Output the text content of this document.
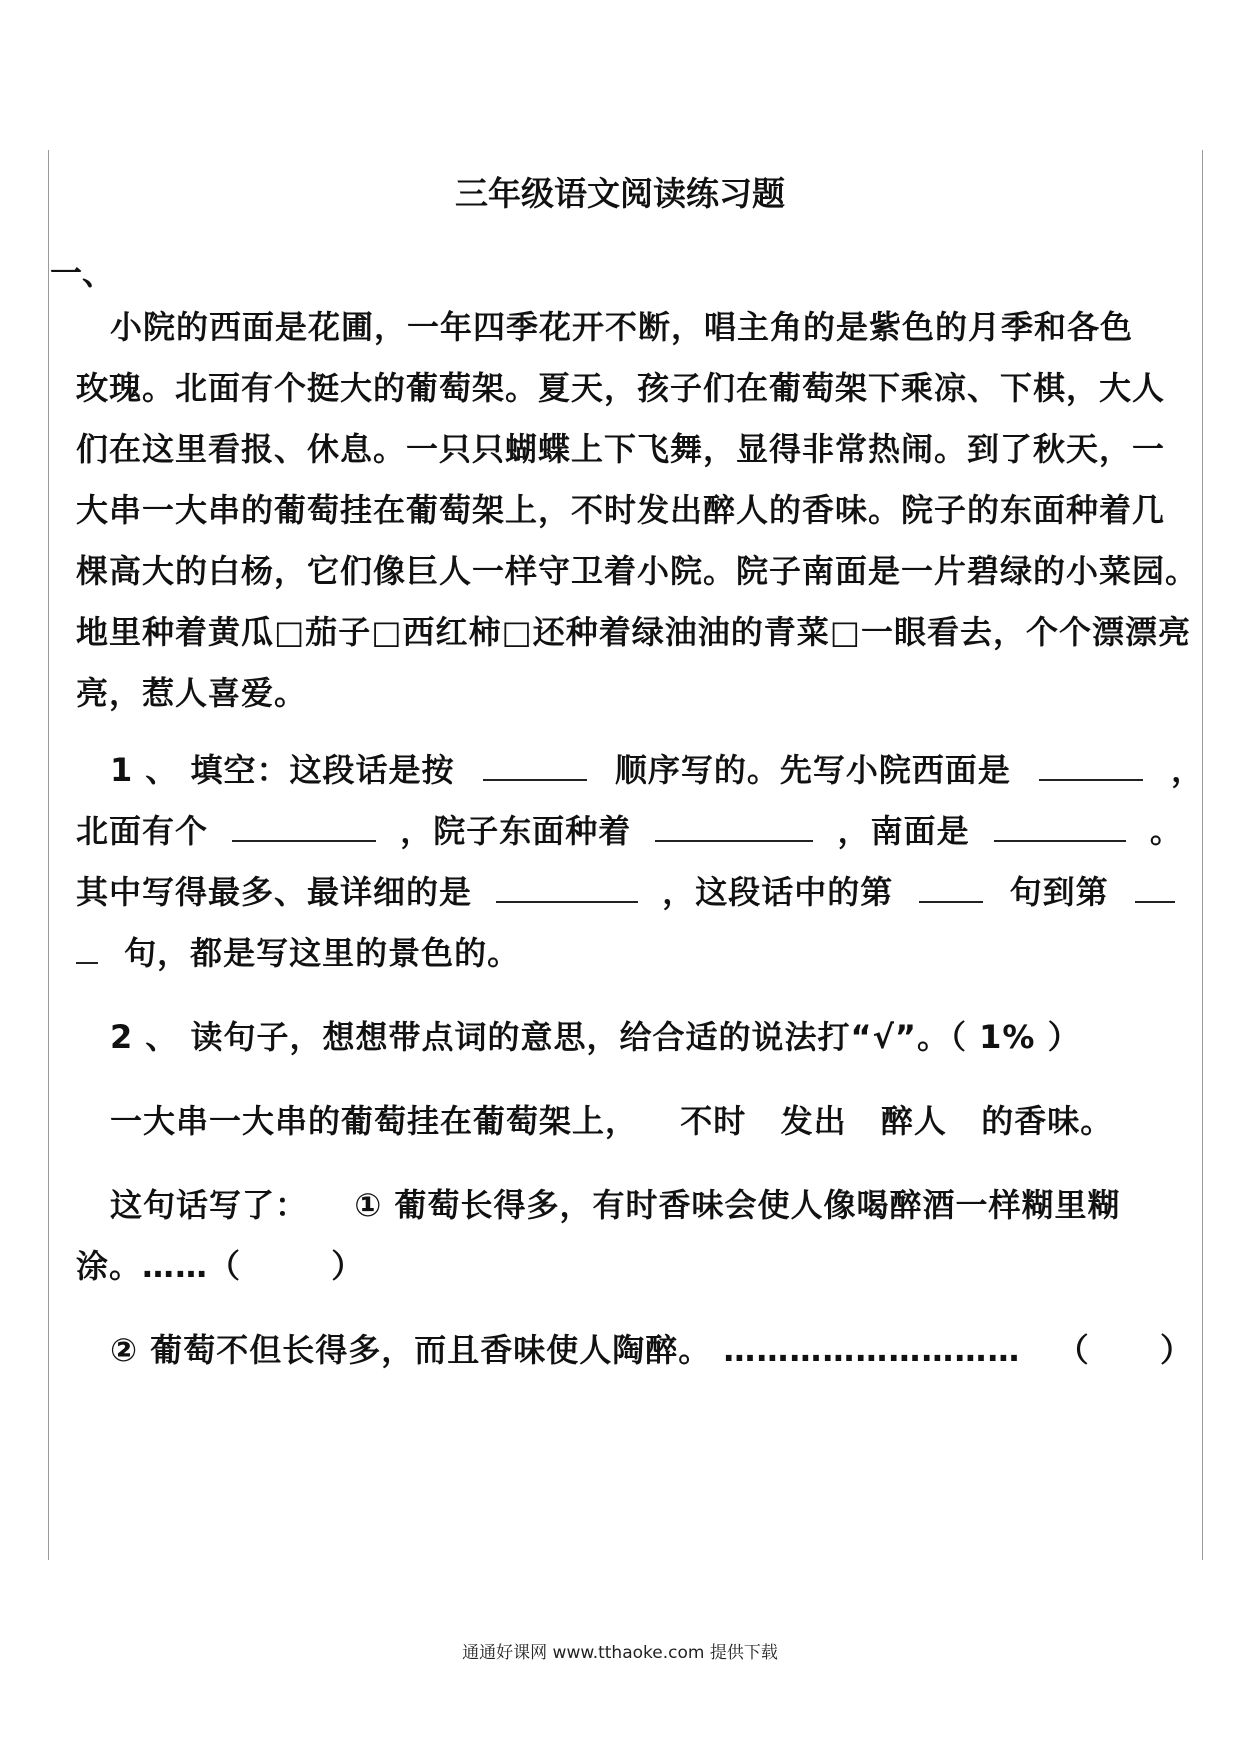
三年级语文阅读练习题
一、
小院的西面是花圃，一年四季花开不断，唱主角的是紫色的月季和各色
玫瑰。北面有个挺大的葡萄架。夏天，孩子们在葡萄架下乘凉、下棋，大人
们在这里看报、休息。一只只蝴蝶上下飞舞，显得非常热闹。到了秋天，一
大串一大串的葡萄挂在葡萄架上，不时发出醉人的香味。院子的东面种着几
棵高大的白杨，它们像巨人一样守卫着小院。院子南面是一片碧绿的小菜园。
地里种着黄瓜□茄子□西红柿□还种着绿油油的青菜□一眼看去，个个漂漂亮
亮，惹人喜爱。
1 、 填空：这段话是按	顺序写的。先写小院西面是	，
北面有个	，院子东面种着	，南面是	。
其中写得最多、最详细的是	，这段话中的第	句到第
句，都是写这里的景色的。
2 、 读句子，想想带点词的意思，给合适的说法打“√”。（ 1% ）
一大串一大串的葡萄挂在葡萄架上， 不时 发出 醉人 的香味。
这句话写了： ① 葡萄长得多，有时香味会使人像喝醉酒一样糊里糊
涂。……（	）
② 葡萄不但长得多，而且香味使人陶醉。 ……………………… （ ）
通通好课网 www.tthaoke.com 提供下载
